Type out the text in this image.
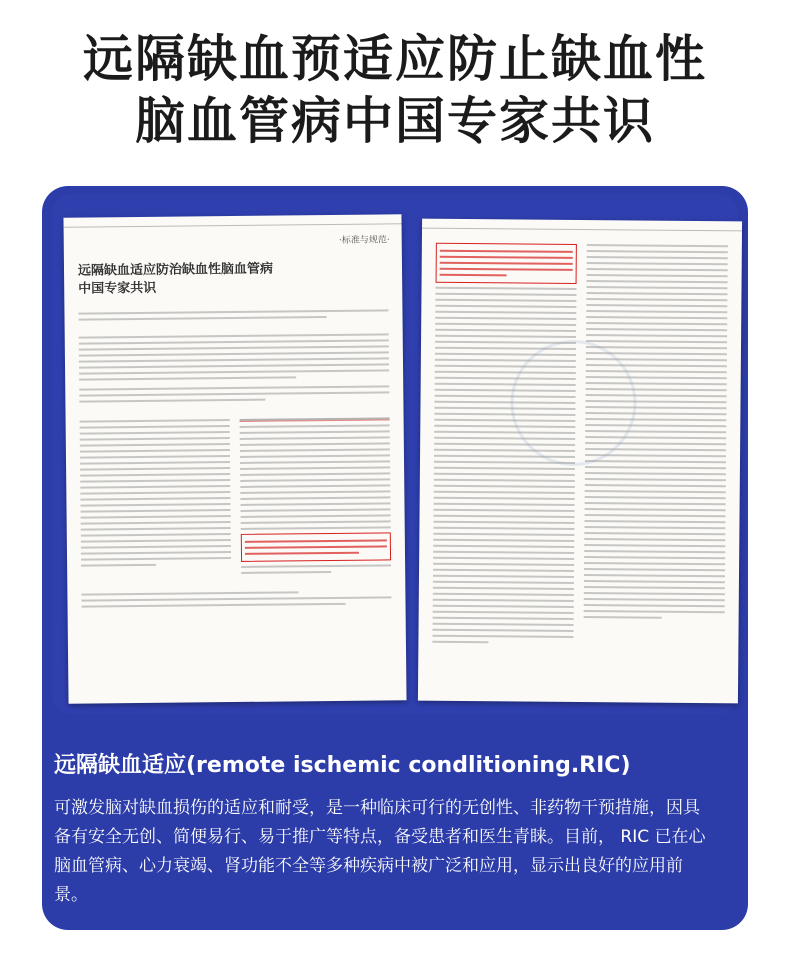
远隔缺血预适应防止缺血性
脑血管病中国专家共识
·标准与规范·
远隔缺血适应防治缺血性脑血管病
中国专家共识
远隔缺血适应(remote ischemic condlitioning.RIC)
可激发脑对缺血损伤的适应和耐受，是一种临床可行的无创性、非药物干预措施，因具备有安全无创、简便易行、易于推广等特点，备受患者和医生青睐。目前， RIC 已在心脑血管病、心力衰竭、肾功能不全等多种疾病中被广泛和应用，显示出良好的应用前景。
